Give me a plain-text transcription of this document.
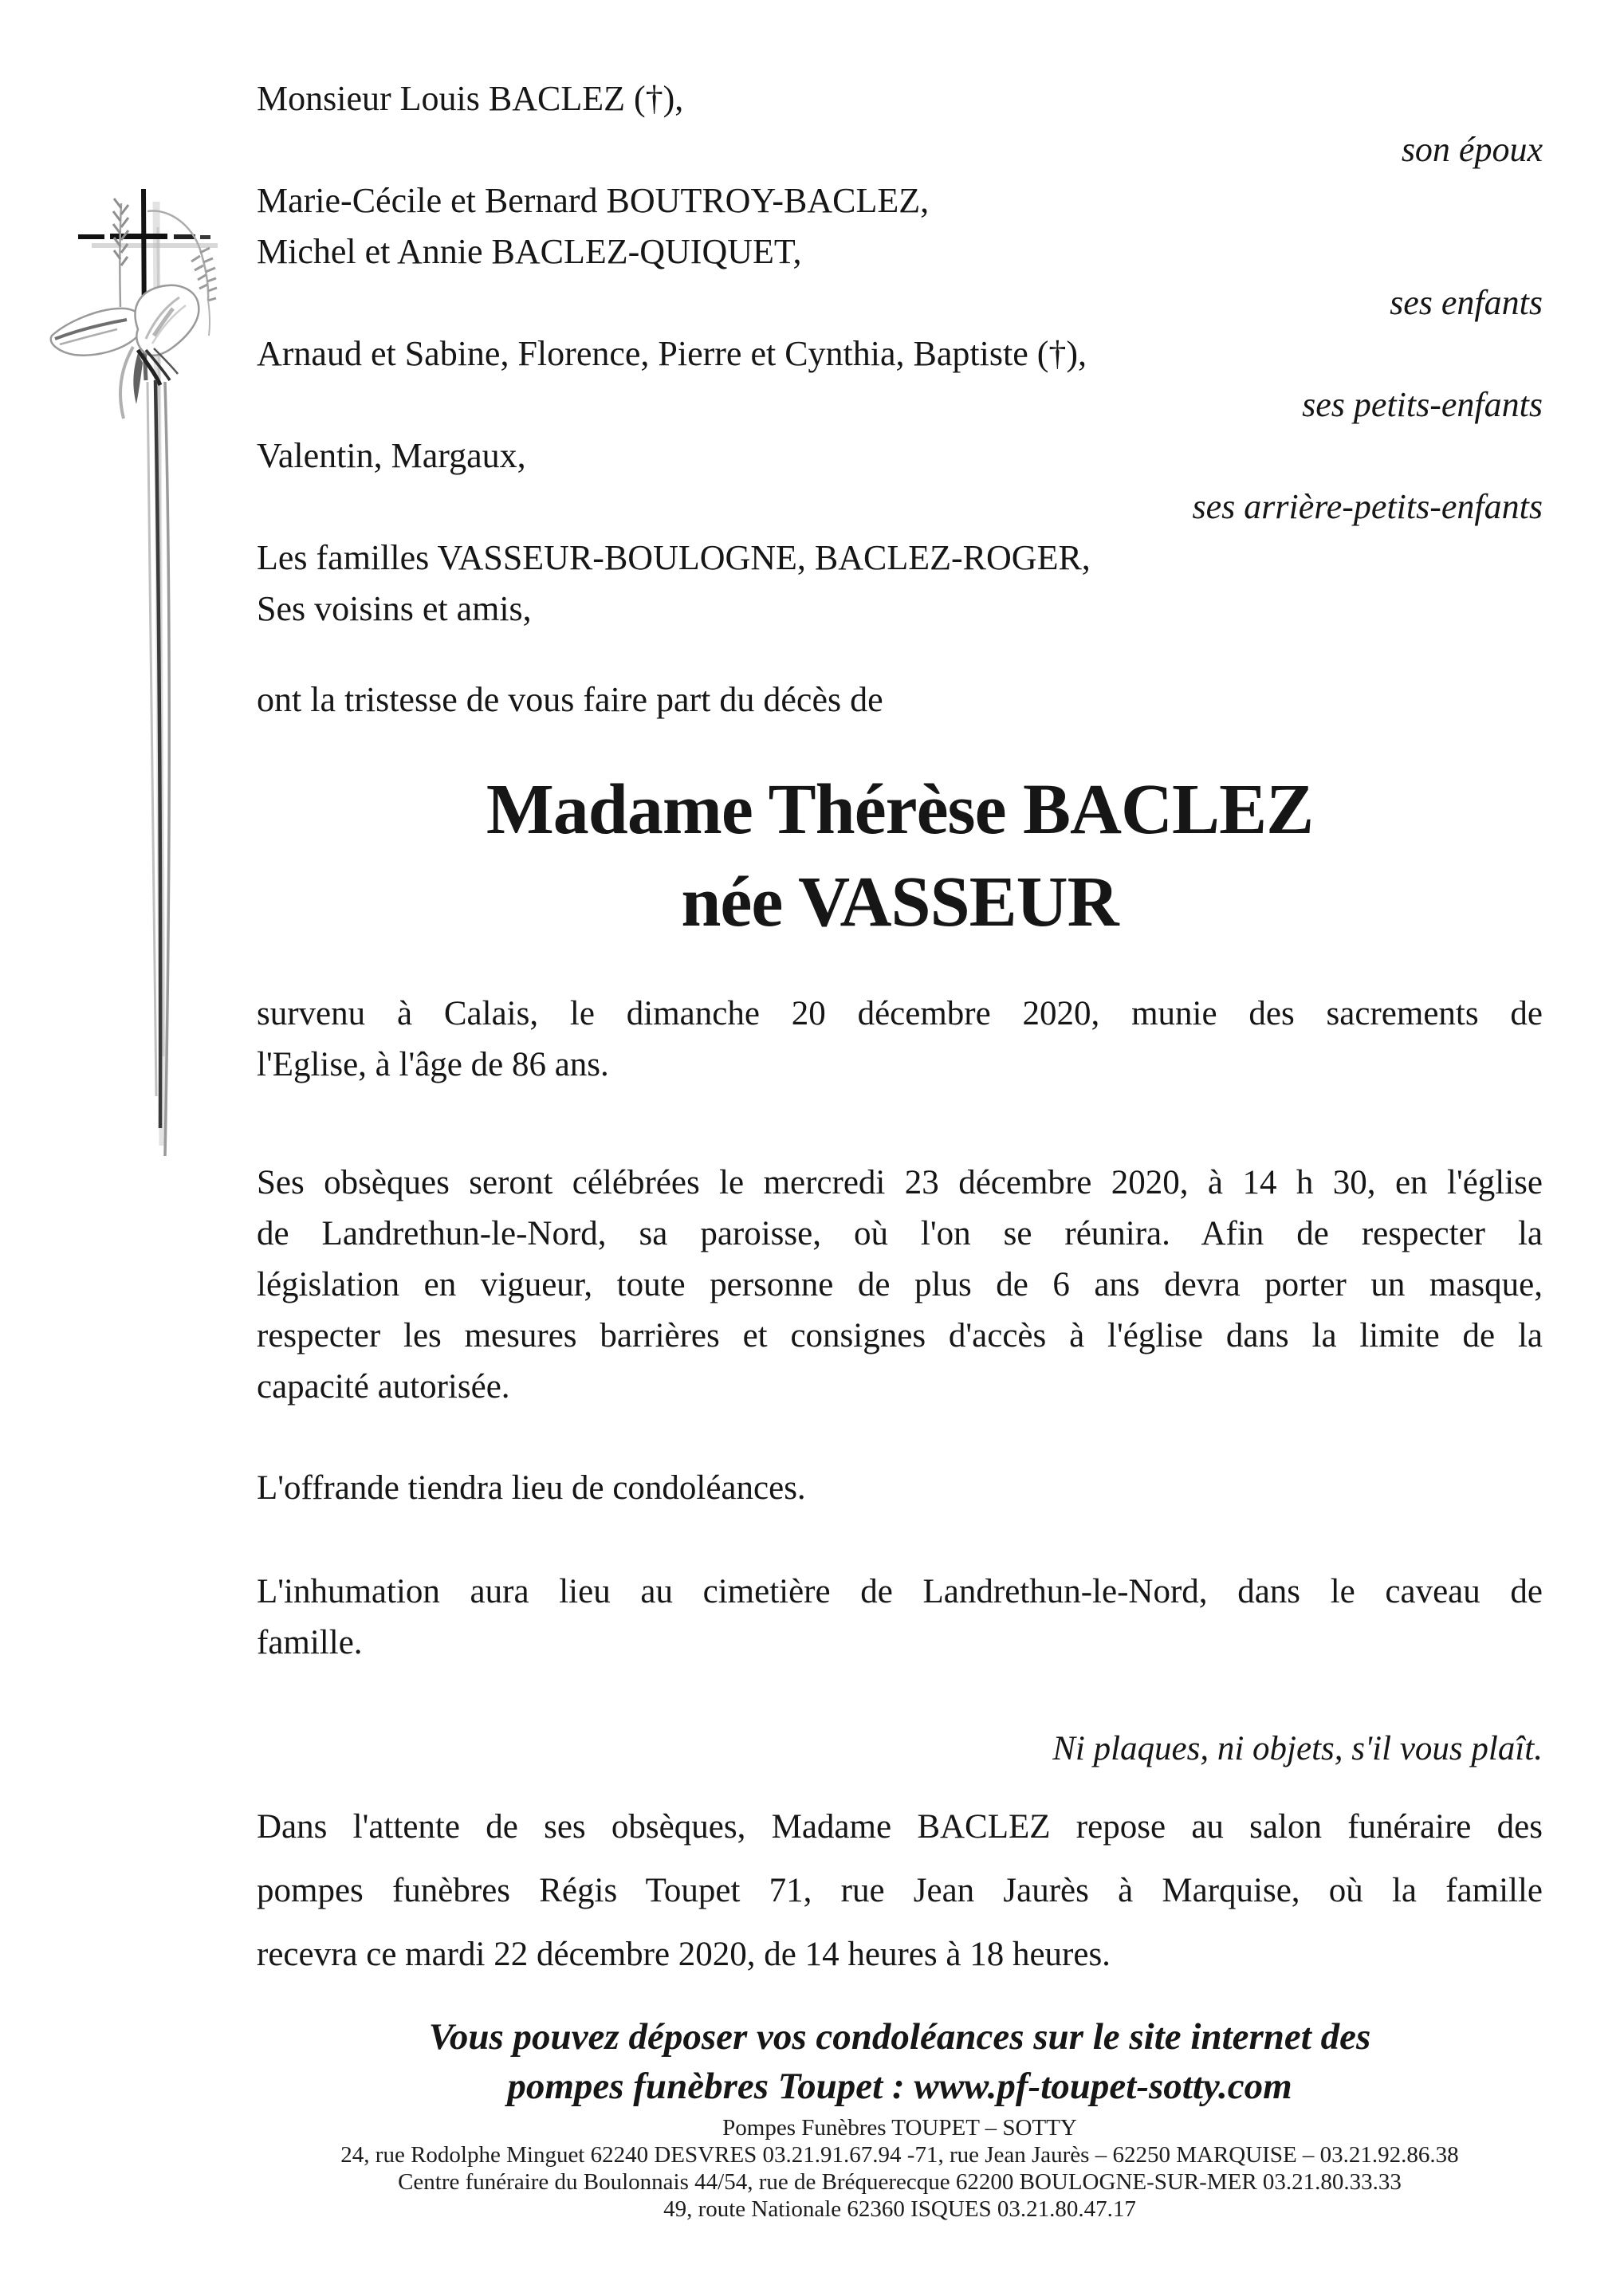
Monsieur Louis BACLEZ (†),
son époux
Marie-Cécile et Bernard BOUTROY-BACLEZ,
Michel et Annie BACLEZ-QUIQUET,
ses enfants
Arnaud et Sabine, Florence, Pierre et Cynthia, Baptiste (†),
ses petits-enfants
Valentin, Margaux,
ses arrière-petits-enfants
Les familles VASSEUR-BOULOGNE, BACLEZ-ROGER,
Ses voisins et amis,
ont la tristesse de vous faire part du décès de
Madame Thérèse BACLEZ
née VASSEUR
survenu à Calais, le dimanche 20 décembre 2020, munie des sacrements de
l'Eglise, à l'âge de 86 ans.
Ses obsèques seront célébrées le mercredi 23 décembre 2020, à 14 h 30, en l'église
de Landrethun-le-Nord, sa paroisse, où l'on se réunira. Afin de respecter la
législation en vigueur, toute personne de plus de 6 ans devra porter un masque,
respecter les mesures barrières et consignes d'accès à l'église dans la limite de la
capacité autorisée.
L'offrande tiendra lieu de condoléances.
L'inhumation aura lieu au cimetière de Landrethun-le-Nord, dans le caveau de
famille.
Ni plaques, ni objets, s'il vous plaît.
Dans l'attente de ses obsèques, Madame BACLEZ repose au salon funéraire des
pompes funèbres Régis Toupet 71, rue Jean Jaurès à Marquise, où la famille
recevra ce mardi 22 décembre 2020, de 14 heures à 18 heures.
Vous pouvez déposer vos condoléances sur le site internet des
pompes funèbres Toupet : www.pf-toupet-sotty.com
Pompes Funèbres TOUPET – SOTTY
24, rue Rodolphe Minguet 62240 DESVRES 03.21.91.67.94 -71, rue Jean Jaurès – 62250 MARQUISE – 03.21.92.86.38
Centre funéraire du Boulonnais 44/54, rue de Bréquerecque 62200 BOULOGNE-SUR-MER 03.21.80.33.33
49, route Nationale 62360 ISQUES 03.21.80.47.17
